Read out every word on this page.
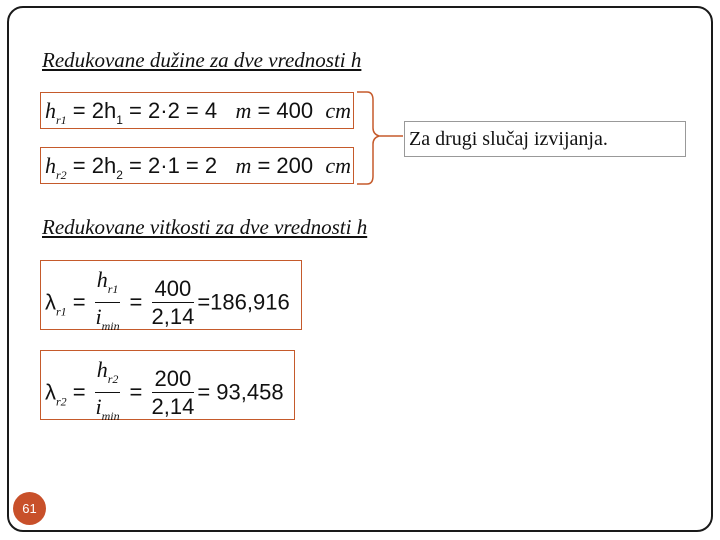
Redukovane dužine za dve vrednosti h
$h_{r1} = 2h_1 = 2\cdot 2 = 4$ m = 400 cm
$h_{r2} = 2h_2 = 2\cdot 1 = 2$ m = 200 cm
Za drugi slučaj izvijanja.
Redukovane vitkosti za dve vrednosti h
$\lambda_{r1} = \frac{h_{r1}}{i_{min}} = \frac{400}{2,14} =186,916$
$\lambda_{r2} = \frac{h_{r2}}{i_{min}} = \frac{200}{2,14} = 93,458$
61
